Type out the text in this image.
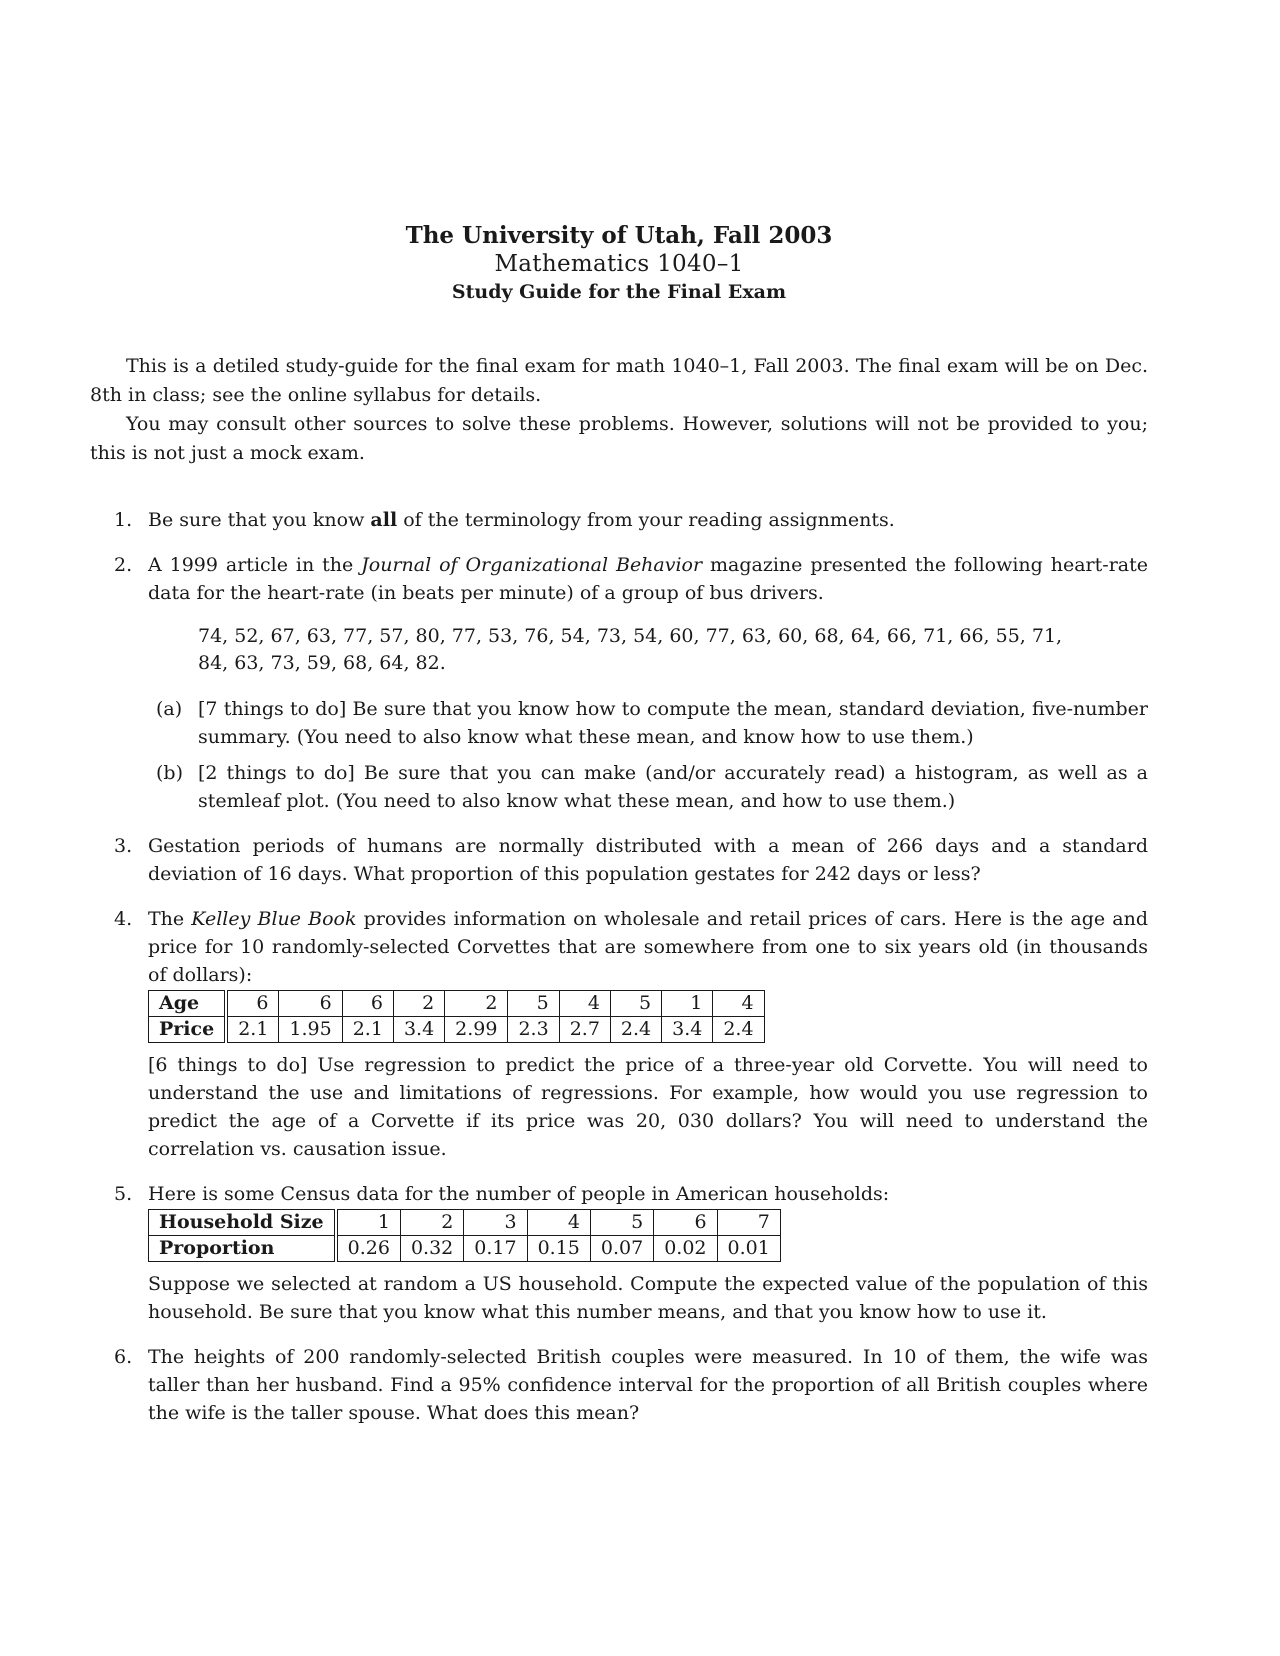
The University of Utah, Fall 2003
Mathematics 1040–1
Study Guide for the Final Exam

This is a detiled study-guide for the final exam for math 1040–1, Fall 2003. The final exam will be on Dec. 8th in class; see the online syllabus for details.

You may consult other sources to solve these problems. However, solutions will not be provided to you; this is not just a mock exam.

1. Be sure that you know all of the terminology from your reading assignments.
2. A 1999 article in the Journal of Organizational Behavior magazine presented the following heart-rate data for the heart-rate (in beats per minute) of a group of bus drivers.
74, 52, 67, 63, 77, 57, 80, 77, 53, 76, 54, 73, 54, 60, 77, 63, 60, 68, 64, 66, 71, 66, 55, 71,
84, 63, 73, 59, 68, 64, 82.
(a) [7 things to do] Be sure that you know how to compute the mean, standard deviation, five-number summary. (You need to also know what these mean, and know how to use them.)
(b) [2 things to do] Be sure that you can make (and/or accurately read) a histogram, as well as a stemleaf plot. (You need to also know what these mean, and how to use them.)
3. Gestation periods of humans are normally distributed with a mean of 266 days and a standard deviation of 16 days. What proportion of this population gestates for 242 days or less?
4. The Kelley Blue Book provides information on wholesale and retail prices of cars. Here is the age and price for 10 randomly-selected Corvettes that are somewhere from one to six years old (in thousands of dollars):
Age	6	6	6	2	2	5	4	5	1	4
Price	2.1	1.95	2.1	3.4	2.99	2.3	2.7	2.4	3.4	2.4
[6 things to do] Use regression to predict the price of a three-year old Corvette. You will need to understand the use and limitations of regressions. For example, how would you use regression to predict the age of a Corvette if its price was 20, 030 dollars? You will need to understand the correlation vs. causation issue.
5. Here is some Census data for the number of people in American households:
Household Size	1	2	3	4	5	6	7
Proportion	0.26	0.32	0.17	0.15	0.07	0.02	0.01
Suppose we selected at random a US household. Compute the expected value of the population of this household. Be sure that you know what this number means, and that you know how to use it.
6. The heights of 200 randomly-selected British couples were measured. In 10 of them, the wife was taller than her husband. Find a 95% confidence interval for the proportion of all British couples where the wife is the taller spouse. What does this mean?
